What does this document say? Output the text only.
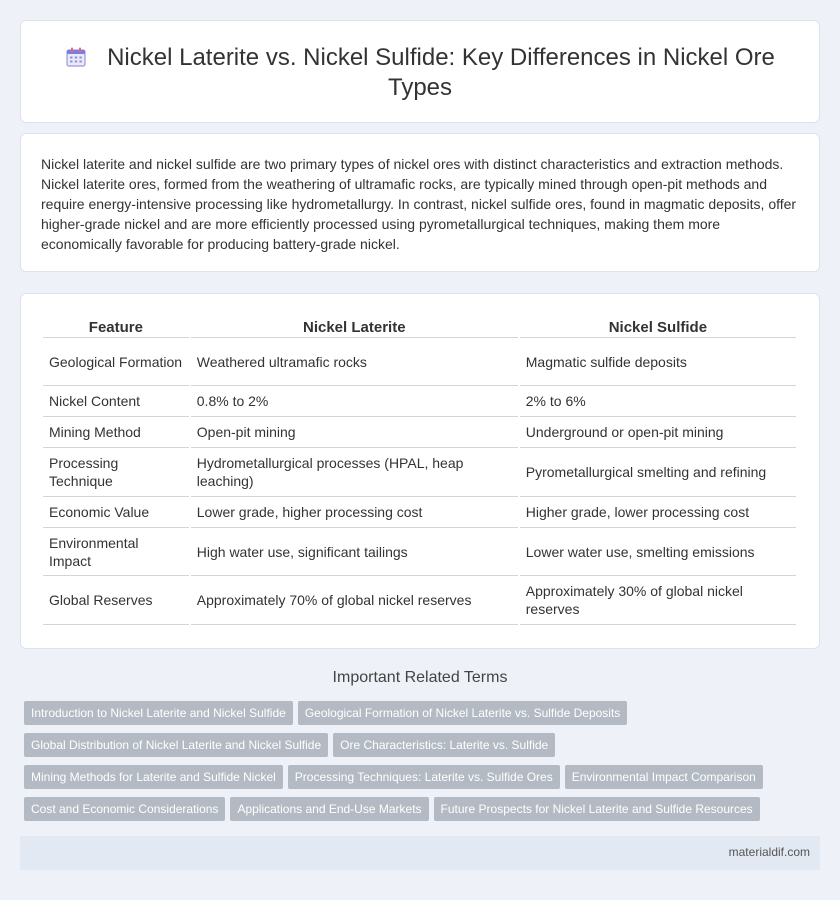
Nickel Laterite vs. Nickel Sulfide: Key Differences in Nickel Ore Types

Nickel laterite and nickel sulfide are two primary types of nickel ores with distinct characteristics and extraction methods. Nickel laterite ores, formed from the weathering of ultramafic rocks, are typically mined through open-pit methods and require energy-intensive processing like hydrometallurgy. In contrast, nickel sulfide ores, found in magmatic deposits, offer higher-grade nickel and are more efficiently processed using pyrometallurgical techniques, making them more economically favorable for producing battery-grade nickel.

Feature	Nickel Laterite	Nickel Sulfide
Geological Formation	Weathered ultramafic rocks	Magmatic sulfide deposits
Nickel Content	0.8% to 2%	2% to 6%
Mining Method	Open-pit mining	Underground or open-pit mining
Processing Technique	Hydrometallurgical processes (HPAL, heap leaching)	Pyrometallurgical smelting and refining
Economic Value	Lower grade, higher processing cost	Higher grade, lower processing cost
Environmental Impact	High water use, significant tailings	Lower water use, smelting emissions
Global Reserves	Approximately 70% of global nickel reserves	Approximately 30% of global nickel reserves
Important Related Terms
Introduction to Nickel Laterite and Nickel Sulfide Geological Formation of Nickel Laterite vs. Sulfide Deposits
Global Distribution of Nickel Laterite and Nickel Sulfide Ore Characteristics: Laterite vs. Sulfide
Mining Methods for Laterite and Sulfide Nickel Processing Techniques: Laterite vs. Sulfide Ores Environmental Impact Comparison
Cost and Economic Considerations Applications and End-Use Markets Future Prospects for Nickel Laterite and Sulfide Resources
materialdif.com
